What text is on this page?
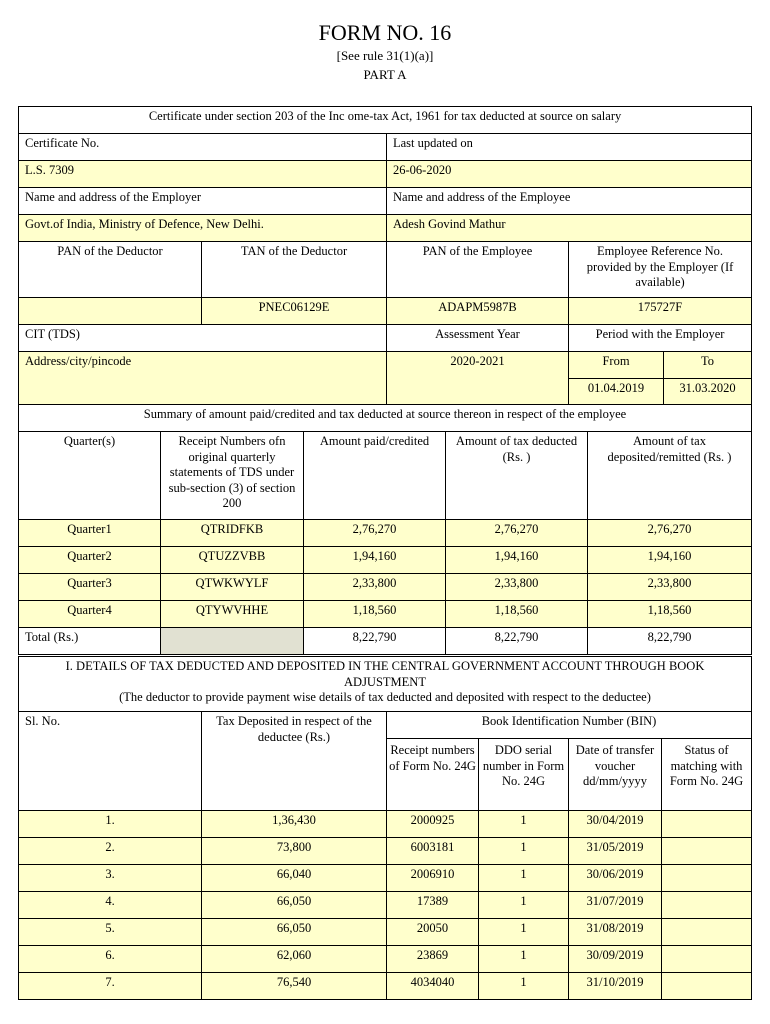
FORM NO. 16
[See rule 31(1)(a)]
PART A
Certificate under section 203 of the Inc ome-tax Act, 1961 for tax deducted at source on salary				
Certificate No.		Last updated on		
L.S. 7309		26-06-2020		
Name and address of the Employer		Name and address of the Employee		
Govt.of India, Ministry of Defence, New Delhi.		Adesh Govind Mathur		
PAN of the Deductor	TAN of the Deductor	PAN of the Employee	Employee Reference No. provided by the Employer (If available)	
	PNEC06129E	ADAPM5987B	175727F	
CIT (TDS)		Assessment Year	Period with the Employer	
Address/city/pincode		2020-2021	From	To
			01.04.2019	31.03.2020
Summary of amount paid/credited and tax deducted at source thereon in respect of the employee				
Quarter(s)	Receipt Numbers ofn original quarterly statements of TDS under sub-section (3) of section 200	Amount paid/credited	Amount of tax deducted (Rs. )	Amount of tax deposited/remitted (Rs. )
Quarter1	QTRIDFKB	2,76,270	2,76,270	2,76,270
Quarter2	QTUZZVBB	1,94,160	1,94,160	1,94,160
Quarter3	QTWKWYLF	2,33,800	2,33,800	2,33,800
Quarter4	QTYWVHHE	1,18,560	1,18,560	1,18,560
Total (Rs.)		8,22,790	8,22,790	8,22,790
I. DETAILS OF TAX DEDUCTED AND DEPOSITED IN THE CENTRAL GOVERNMENT ACCOUNT THROUGH BOOK ADJUSTMENT
(The deductor to provide payment wise details of tax deducted and deposited with respect to the deductee)					

Sl. No.	Tax Deposited in respect of the deductee (Rs.)	Book Identification Number (BIN)			
		Receipt numbers of Form No. 24G	DDO serial number in Form No. 24G	Date of transfer voucher dd/mm/yyyy	Status of matching with Form No. 24G
1.	1,36,430	2000925	1	30/04/2019	
2.	73,800	6003181	1	31/05/2019	
3.	66,040	2006910	1	30/06/2019	
4.	66,050	17389	1	31/07/2019	
5.	66,050	20050	1	31/08/2019	
6.	62,060	23869	1	30/09/2019	
7.	76,540	4034040	1	31/10/2019	
